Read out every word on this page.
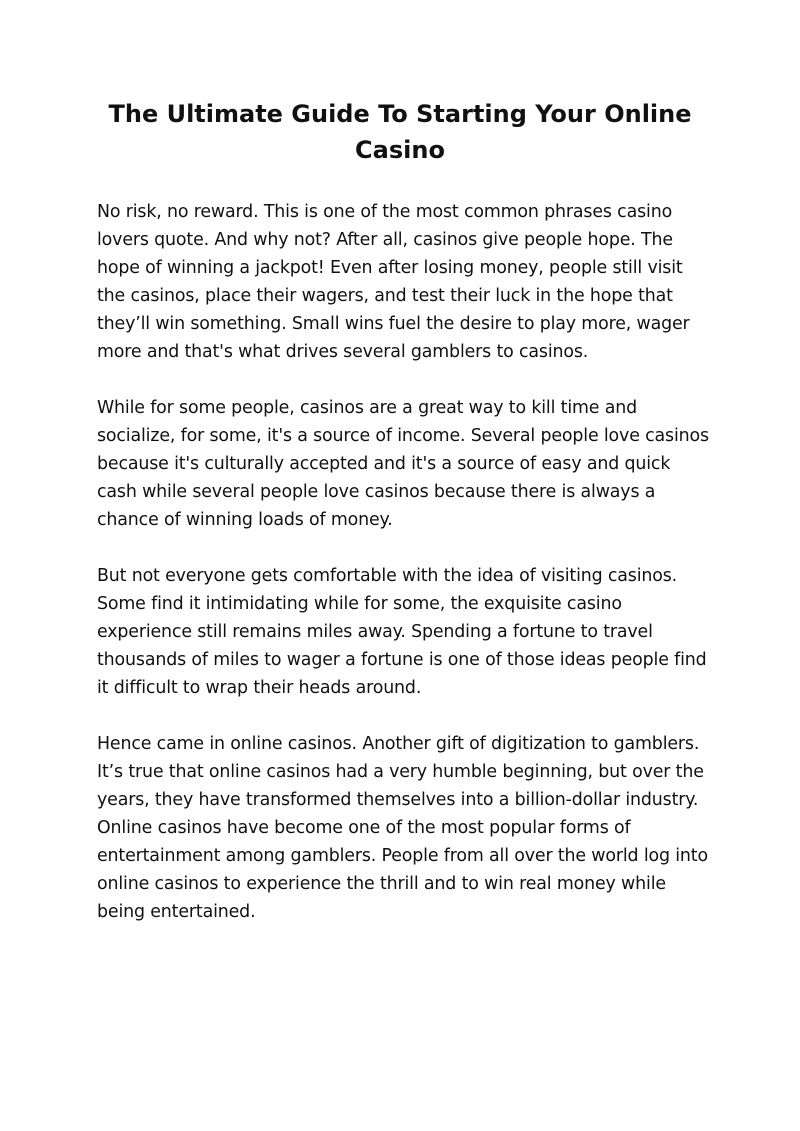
The Ultimate Guide To Starting Your Online Casino

No risk, no reward. This is one of the most common phrases casino lovers quote. And why not? After all, casinos give people hope. The hope of winning a jackpot! Even after losing money, people still visit the casinos, place their wagers, and test their luck in the hope that they’ll win something. Small wins fuel the desire to play more, wager more and that's what drives several gamblers to casinos.

While for some people, casinos are a great way to kill time and socialize, for some, it's a source of income. Several people love casinos because it's culturally accepted and it's a source of easy and quick cash while several people love casinos because there is always a chance of winning loads of money.

But not everyone gets comfortable with the idea of visiting casinos. Some find it intimidating while for some, the exquisite casino experience still remains miles away. Spending a fortune to travel thousands of miles to wager a fortune is one of those ideas people find it difficult to wrap their heads around.

Hence came in online casinos. Another gift of digitization to gamblers. It’s true that online casinos had a very humble beginning, but over the years, they have transformed themselves into a billion-dollar industry. Online casinos have become one of the most popular forms of entertainment among gamblers. People from all over the world log into online casinos to experience the thrill and to win real money while being entertained.
